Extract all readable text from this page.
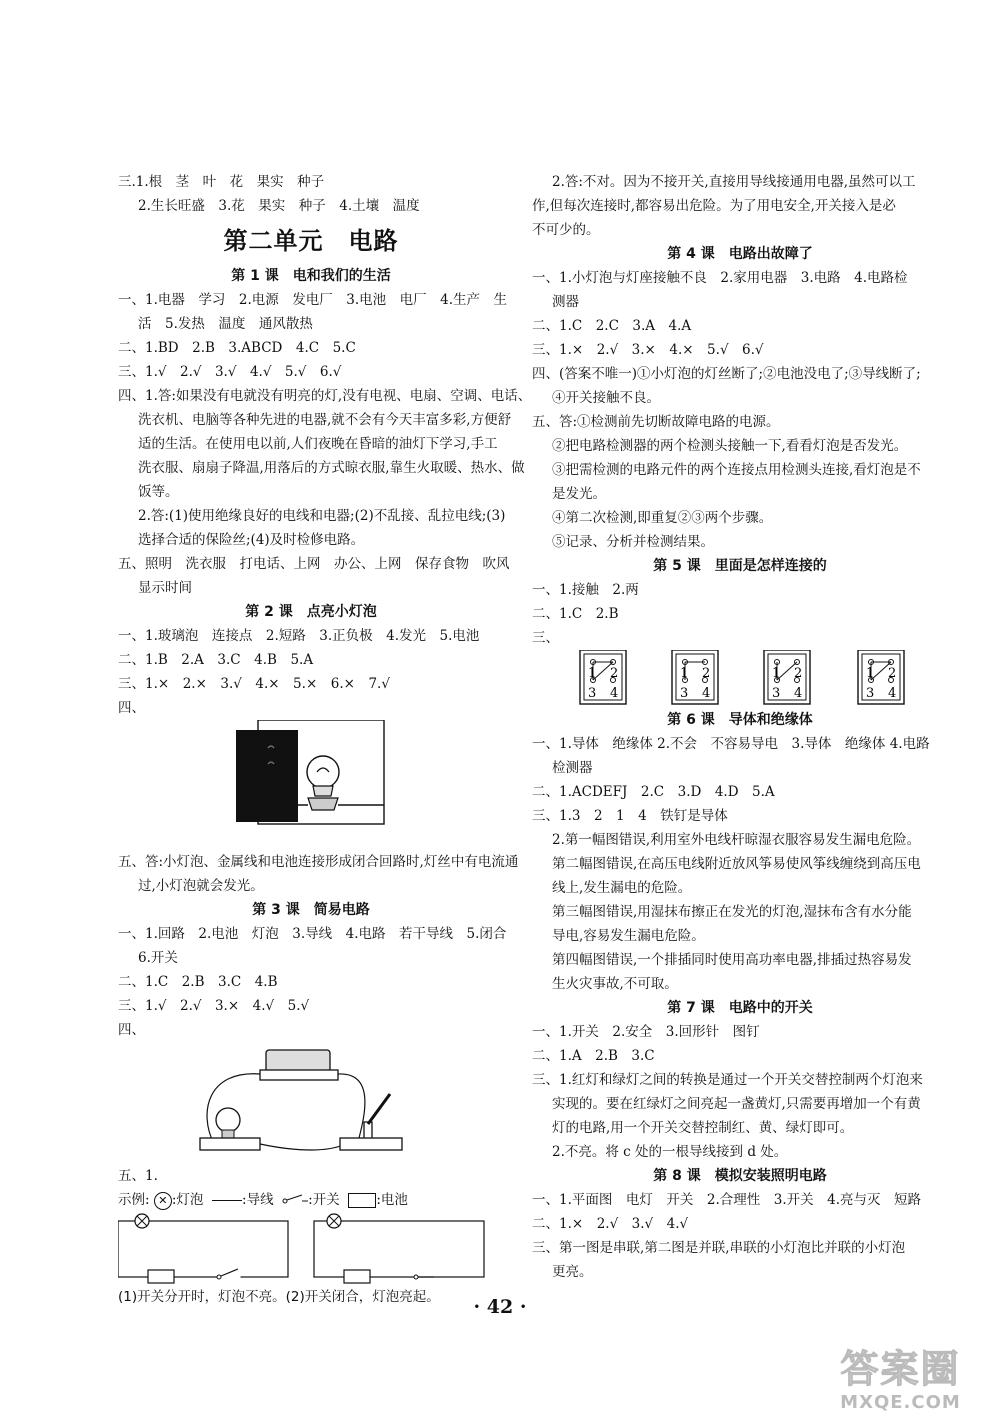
三.1.根　茎　叶　花　果实　种子
2.生长旺盛　3.花　果实　种子　4.土壤　温度
第二单元　电路
第 1 课　电和我们的生活
一、1.电器　学习　2.电源　发电厂　3.电池　电厂　4.生产　生
活　5.发热　温度　通风散热
二、1.BD　2.B　3.ABCD　4.C　5.C
三、1.√　2.√　3.√　4.√　5.√　6.√
四、1.答:如果没有电就没有明亮的灯,没有电视、电扇、空调、电话、
洗衣机、电脑等各种先进的电器,就不会有今天丰富多彩,方便舒
适的生活。在使用电以前,人们夜晚在昏暗的油灯下学习,手工
洗衣服、扇扇子降温,用落后的方式晾衣服,靠生火取暖、热水、做
饭等。
2.答:(1)使用绝缘良好的电线和电器;(2)不乱接、乱拉电线;(3)
选择合适的保险丝;(4)及时检修电路。
五、照明　洗衣服　打电话、上网　办公、上网　保存食物　吹风
显示时间
第 2 课　点亮小灯泡
一、1.玻璃泡　连接点　2.短路　3.正负极　4.发光　5.电池
二、1.B　2.A　3.C　4.B　5.A
三、1.×　2.×　3.√　4.×　5.×　6.×　7.√
四、
五、答:小灯泡、金属线和电池连接形成闭合回路时,灯丝中有电流通
过,小灯泡就会发光。
第 3 课　简易电路
一、1.回路　2.电池　灯泡　3.导线　4.电路　若干导线　5.闭合
6.开关
二、1.C　2.B　3.C　4.B
三、1.√　2.√　3.×　4.√　5.√
四、
五、1.
示例: ✕ :灯泡	:导线	:开关	:电池
(1)开关分开时，灯泡不亮。(2)开关闭合，灯泡亮起。
2.答:不对。因为不接开关,直接用导线接通用电器,虽然可以工
作,但每次连接时,都容易出危险。为了用电安全,开关接入是必
不可少的。
第 4 课　电路出故障了
一、1.小灯泡与灯座接触不良　2.家用电器　3.电路　4.电路检
测器
二、1.C　2.C　3.A　4.A
三、1.×　2.√　3.×　4.×　5.√　6.√
四、(答案不唯一)①小灯泡的灯丝断了;②电池没电了;③导线断了;
④开关接触不良。
五、答:①检测前先切断故障电路的电源。
②把电路检测器的两个检测头接触一下,看看灯泡是否发光。
③把需检测的电路元件的两个连接点用检测头连接,看灯泡是不
是发光。
④第二次检测,即重复②③两个步骤。
⑤记录、分析并检测结果。
第 5 课　里面是怎样连接的
一、1.接触　2.两
二、1.C　2.B
三、
1 2
3 4
1 2
3 4
1 2
3 4
1 2
3 4
第 6 课　导体和绝缘体
一、1.导体　绝缘体 2.不会　不容易导电　3.导体　绝缘体 4.电路
检测器
二、1.ACDEFJ　2.C　3.D　4.D　5.A
三、1.3　2　1　4　铁钉是导体
2.第一幅图错误,利用室外电线杆晾湿衣服容易发生漏电危险。
第二幅图错误,在高压电线附近放风筝易使风筝线缠绕到高压电
线上,发生漏电的危险。
第三幅图错误,用湿抹布擦正在发光的灯泡,湿抹布含有水分能
导电,容易发生漏电危险。
第四幅图错误,一个排插同时使用高功率电器,排插过热容易发
生火灾事故,不可取。
第 7 课　电路中的开关
一、1.开关　2.安全　3.回形针　图钉
二、1.A　2.B　3.C
三、1.红灯和绿灯之间的转换是通过一个开关交替控制两个灯泡来
实现的。要在红绿灯之间亮起一盏黄灯,只需要再增加一个有黄
灯的电路,用一个开关交替控制红、黄、绿灯即可。
2.不亮。将 c 处的一根导线接到 d 处。
第 8 课　模拟安装照明电路
一、1.平面图　电灯　开关　2.合理性　3.开关　4.亮与灭　短路
二、1.×　2.√　3.√　4.√
三、第一图是串联,第二图是并联,串联的小灯泡比并联的小灯泡
更亮。
· 42 ·
答案圈
MXQE.COM
